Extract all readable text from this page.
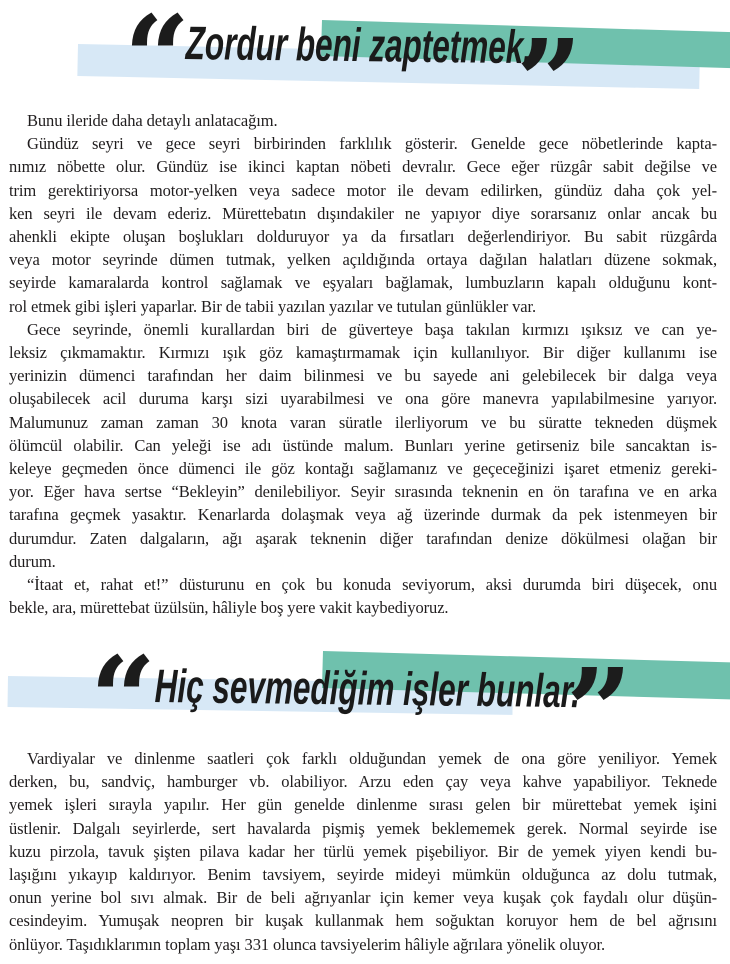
“ Zordur beni zaptetmek.
”
Bunu ileride daha detaylı anlatacağım.
Gündüz seyri ve gece seyri birbirinden farklılık gösterir. Genelde gece nöbetlerinde kapta-
nımız nöbette olur. Gündüz ise ikinci kaptan nöbeti devralır. Gece eğer rüzgâr sabit değilse ve
trim gerektiriyorsa motor-yelken veya sadece motor ile devam edilirken, gündüz daha çok yel-
ken seyri ile devam ederiz. Mürettebatın dışındakiler ne yapıyor diye sorarsanız onlar ancak bu
ahenkli ekipte oluşan boşlukları dolduruyor ya da fırsatları değerlendiriyor. Bu sabit rüzgârda
veya motor seyrinde dümen tutmak, yelken açıldığında ortaya dağılan halatları düzene sokmak,
seyirde kamaralarda kontrol sağlamak ve eşyaları bağlamak, lumbuzların kapalı olduğunu kont-
rol etmek gibi işleri yaparlar. Bir de tabii yazılan yazılar ve tutulan günlükler var.
Gece seyrinde, önemli kurallardan biri de güverteye başa takılan kırmızı ışıksız ve can ye-
leksiz çıkmamaktır. Kırmızı ışık göz kamaştırmamak için kullanılıyor. Bir diğer kullanımı ise
yerinizin dümenci tarafından her daim bilinmesi ve bu sayede ani gelebilecek bir dalga veya
oluşabilecek acil duruma karşı sizi uyarabilmesi ve ona göre manevra yapılabilmesine yarıyor.
Malumunuz zaman zaman 30 knota varan süratle ilerliyorum ve bu süratte tekneden düşmek
ölümcül olabilir. Can yeleği ise adı üstünde malum. Bunları yerine getirseniz bile sancaktan is-
keleye geçmeden önce dümenci ile göz kontağı sağlamanız ve geçeceğinizi işaret etmeniz gereki-
yor. Eğer hava sertse “Bekleyin” denilebiliyor. Seyir sırasında teknenin en ön tarafına ve en arka
tarafına geçmek yasaktır. Kenarlarda dolaşmak veya ağ üzerinde durmak da pek istenmeyen bir
durumdur. Zaten dalgaların, ağı aşarak teknenin diğer tarafından denize dökülmesi olağan bir
durum.
“İtaat et, rahat et!” düsturunu en çok bu konuda seviyorum, aksi durumda biri düşecek, onu
bekle, ara, mürettebat üzülsün, hâliyle boş yere vakit kaybediyoruz.
“ Hiç sevmediğim işler bunlar.
”
Vardiyalar ve dinlenme saatleri çok farklı olduğundan yemek de ona göre yeniliyor. Yemek
derken, bu, sandviç, hamburger vb. olabiliyor. Arzu eden çay veya kahve yapabiliyor. Teknede
yemek işleri sırayla yapılır. Her gün genelde dinlenme sırası gelen bir mürettebat yemek işini
üstlenir. Dalgalı seyirlerde, sert havalarda pişmiş yemek beklememek gerek. Normal seyirde ise
kuzu pirzola, tavuk şişten pilava kadar her türlü yemek pişebiliyor. Bir de yemek yiyen kendi bu-
laşığını yıkayıp kaldırıyor. Benim tavsiyem, seyirde mideyi mümkün olduğunca az dolu tutmak,
onun yerine bol sıvı almak. Bir de beli ağrıyanlar için kemer veya kuşak çok faydalı olur düşün-
cesindeyim. Yumuşak neopren bir kuşak kullanmak hem soğuktan koruyor hem de bel ağrısını
önlüyor. Taşıdıklarımın toplam yaşı 331 olunca tavsiyelerim hâliyle ağrılara yönelik oluyor.
